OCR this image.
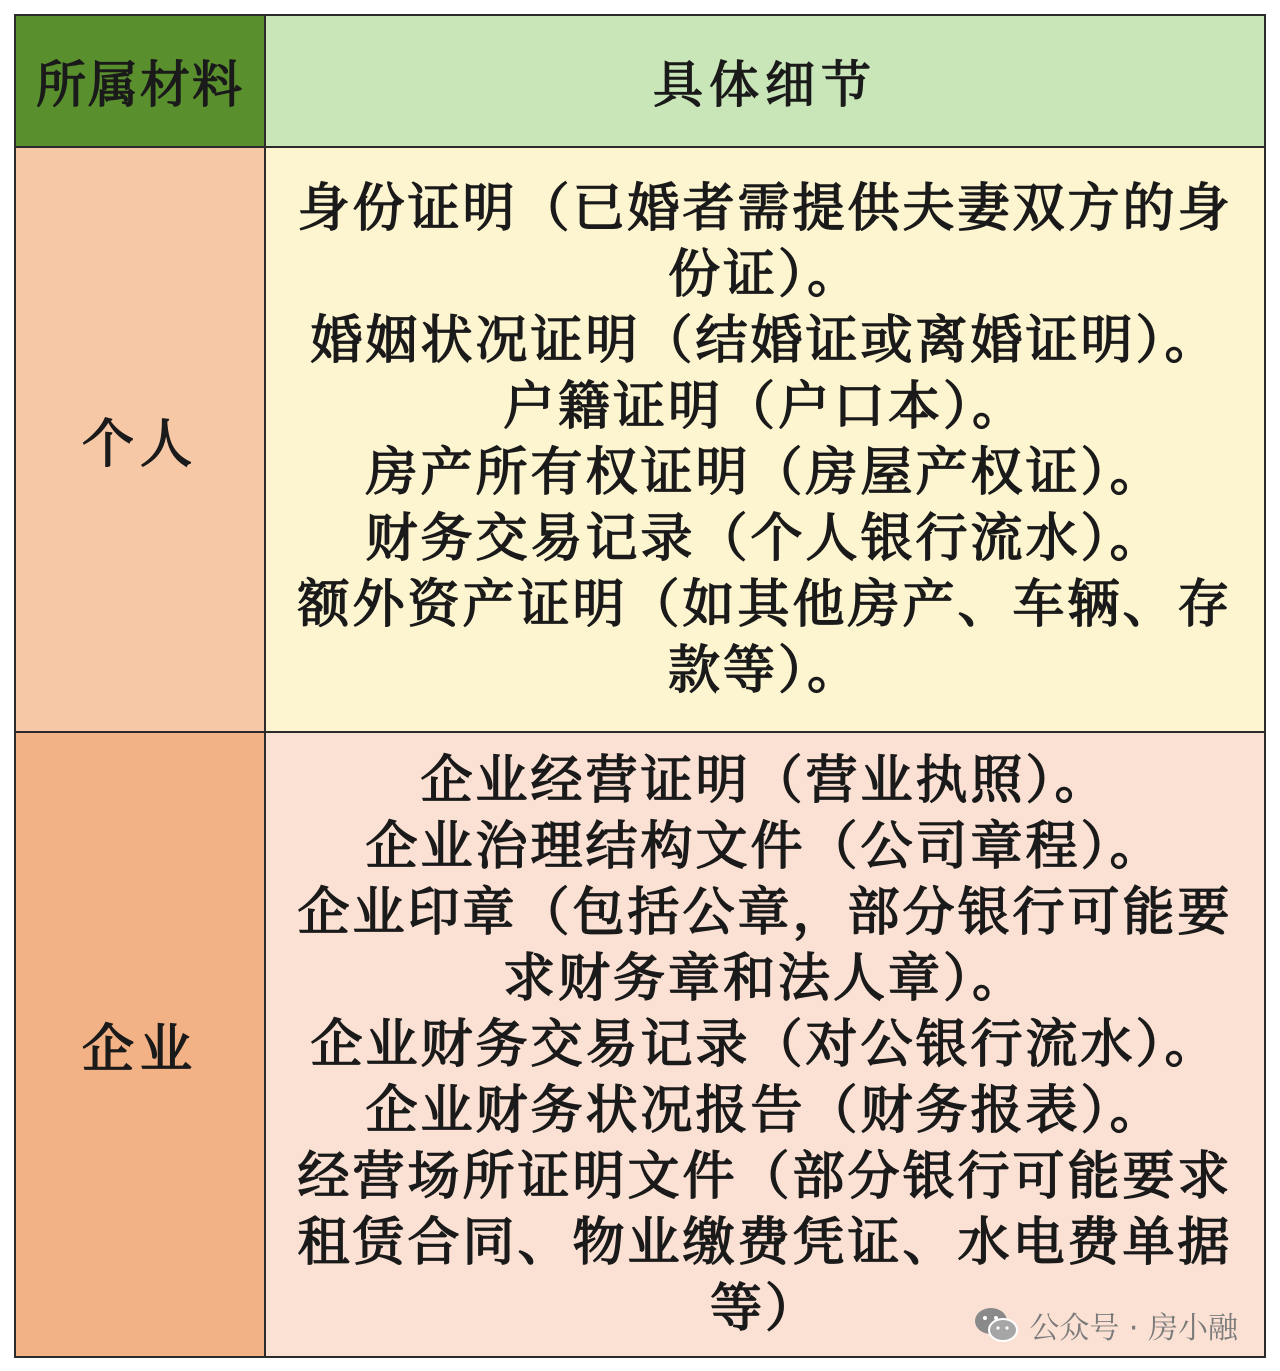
所属材料	具体细节
个人
身份证明（已婚者需提供夫妻双方的身
份证）。
婚姻状况证明（结婚证或离婚证明）。
户籍证明（户口本）。
房产所有权证明（房屋产权证）。
财务交易记录（个人银行流水）。
额外资产证明（如其他房产、车辆、存
款等）。
企业
企业经营证明（营业执照）。
企业治理结构文件（公司章程）。
企业印章（包括公章，部分银行可能要
求财务章和法人章）。
企业财务交易记录（对公银行流水）。
企业财务状况报告（财务报表）。
经营场所证明文件（部分银行可能要求
租赁合同、物业缴费凭证、水电费单据
等）	公众号 · 房小融
